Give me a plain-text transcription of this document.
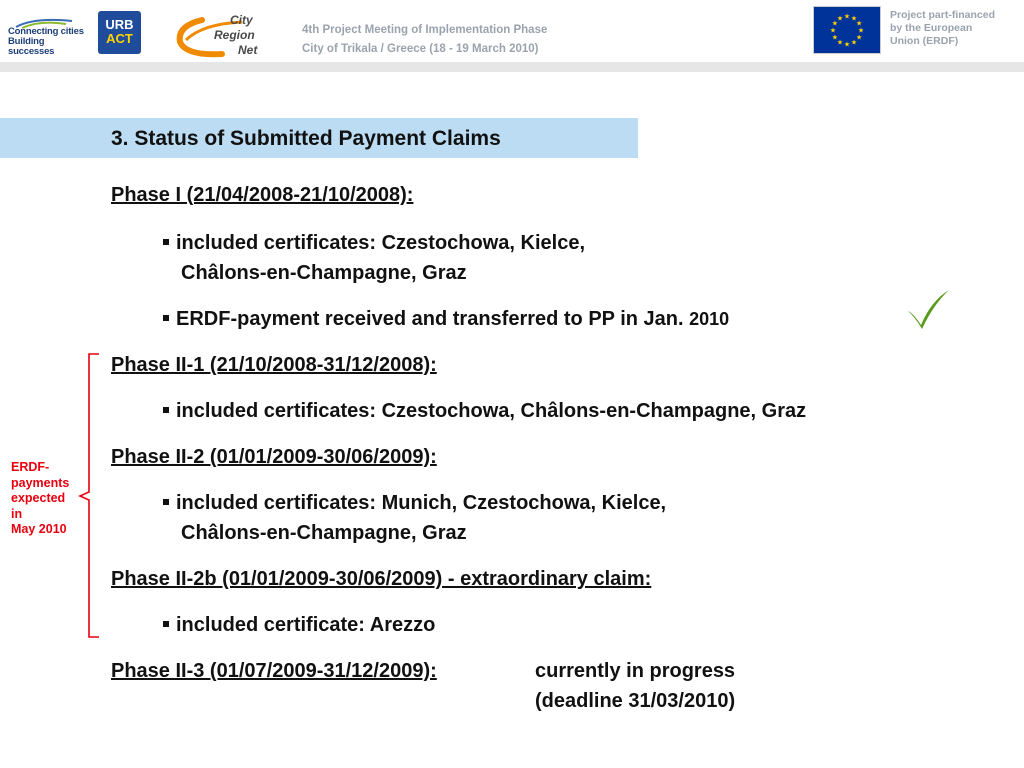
Connecting cities
Building successes
URB
ACT
City
Region
Net
4th Project Meeting of Implementation Phase
City of Trikala / Greece (18 - 19 March 2010)
★ ★
★
★
★
★
★
★
★
★
★
★	Project part-financed
by the European
Union (ERDF)
3. Status of Submitted Payment Claims
Phase I (21/04/2008-21/10/2008):
included certificates: Czestochowa, Kielce,
Châlons-en-Champagne, Graz
ERDF-payment received and transferred to PP in Jan. 2010
Phase II-1 (21/10/2008-31/12/2008):
included certificates: Czestochowa, Châlons-en-Champagne, Graz
Phase II-2 (01/01/2009-30/06/2009):
included certificates: Munich, Czestochowa, Kielce,
Châlons-en-Champagne, Graz
Phase II-2b (01/01/2009-30/06/2009) - extraordinary claim:
included certificate: Arezzo
Phase II-3 (01/07/2009-31/12/2009):	currently in progress
(deadline 31/03/2010)
ERDF-
payments
expected
in
May 2010
